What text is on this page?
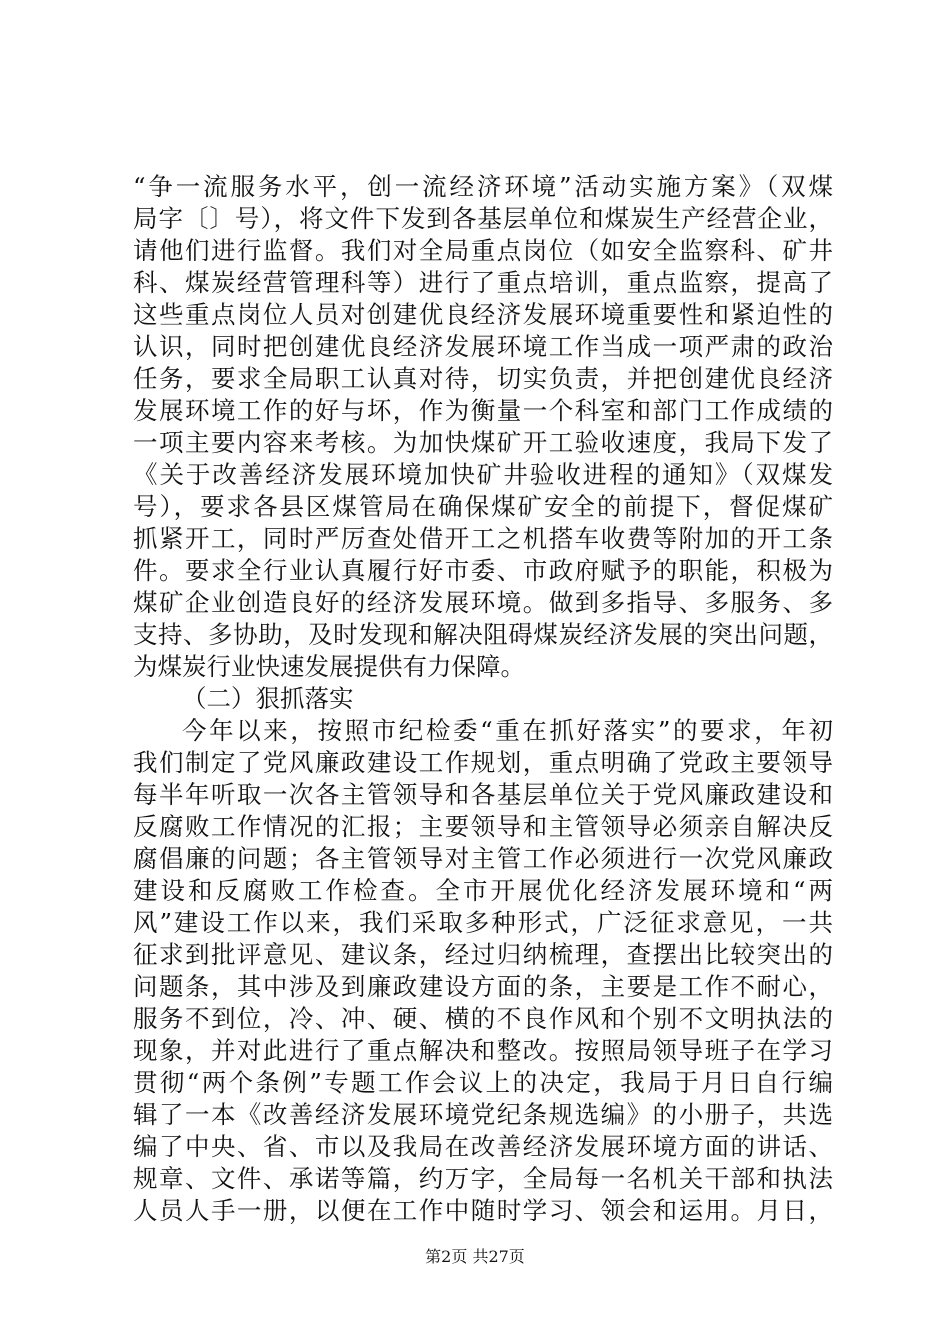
“争一流服务水平，创一流经济环境”活动实施方案》（双煤
局字〔〕号），将文件下发到各基层单位和煤炭生产经营企业，
请他们进行监督。我们对全局重点岗位（如安全监察科、矿井
科、煤炭经营管理科等）进行了重点培训，重点监察，提高了
这些重点岗位人员对创建优良经济发展环境重要性和紧迫性的
认识，同时把创建优良经济发展环境工作当成一项严肃的政治
任务，要求全局职工认真对待，切实负责，并把创建优良经济
发展环境工作的好与坏，作为衡量一个科室和部门工作成绩的
一项主要内容来考核。为加快煤矿开工验收速度，我局下发了
《关于改善经济发展环境加快矿井验收进程的通知》（双煤发
号），要求各县区煤管局在确保煤矿安全的前提下，督促煤矿
抓紧开工，同时严厉查处借开工之机搭车收费等附加的开工条
件。要求全行业认真履行好市委、市政府赋予的职能，积极为
煤矿企业创造良好的经济发展环境。做到多指导、多服务、多
支持、多协助，及时发现和解决阻碍煤炭经济发展的突出问题，
为煤炭行业快速发展提供有力保障。
（二）狠抓落实
今年以来，按照市纪检委“重在抓好落实”的要求，年初
我们制定了党风廉政建设工作规划，重点明确了党政主要领导
每半年听取一次各主管领导和各基层单位关于党风廉政建设和
反腐败工作情况的汇报；主要领导和主管领导必须亲自解决反
腐倡廉的问题；各主管领导对主管工作必须进行一次党风廉政
建设和反腐败工作检查。全市开展优化经济发展环境和“两
风”建设工作以来，我们采取多种形式，广泛征求意见，一共
征求到批评意见、建议条，经过归纳梳理，查摆出比较突出的
问题条，其中涉及到廉政建设方面的条，主要是工作不耐心，
服务不到位，冷、冲、硬、横的不良作风和个别不文明执法的
现象，并对此进行了重点解决和整改。按照局领导班子在学习
贯彻“两个条例”专题工作会议上的决定，我局于月日自行编
辑了一本《改善经济发展环境党纪条规选编》的小册子，共选
编了中央、省、市以及我局在改善经济发展环境方面的讲话、
规章、文件、承诺等篇，约万字，全局每一名机关干部和执法
人员人手一册，以便在工作中随时学习、领会和运用。月日，
第2页 共27页
